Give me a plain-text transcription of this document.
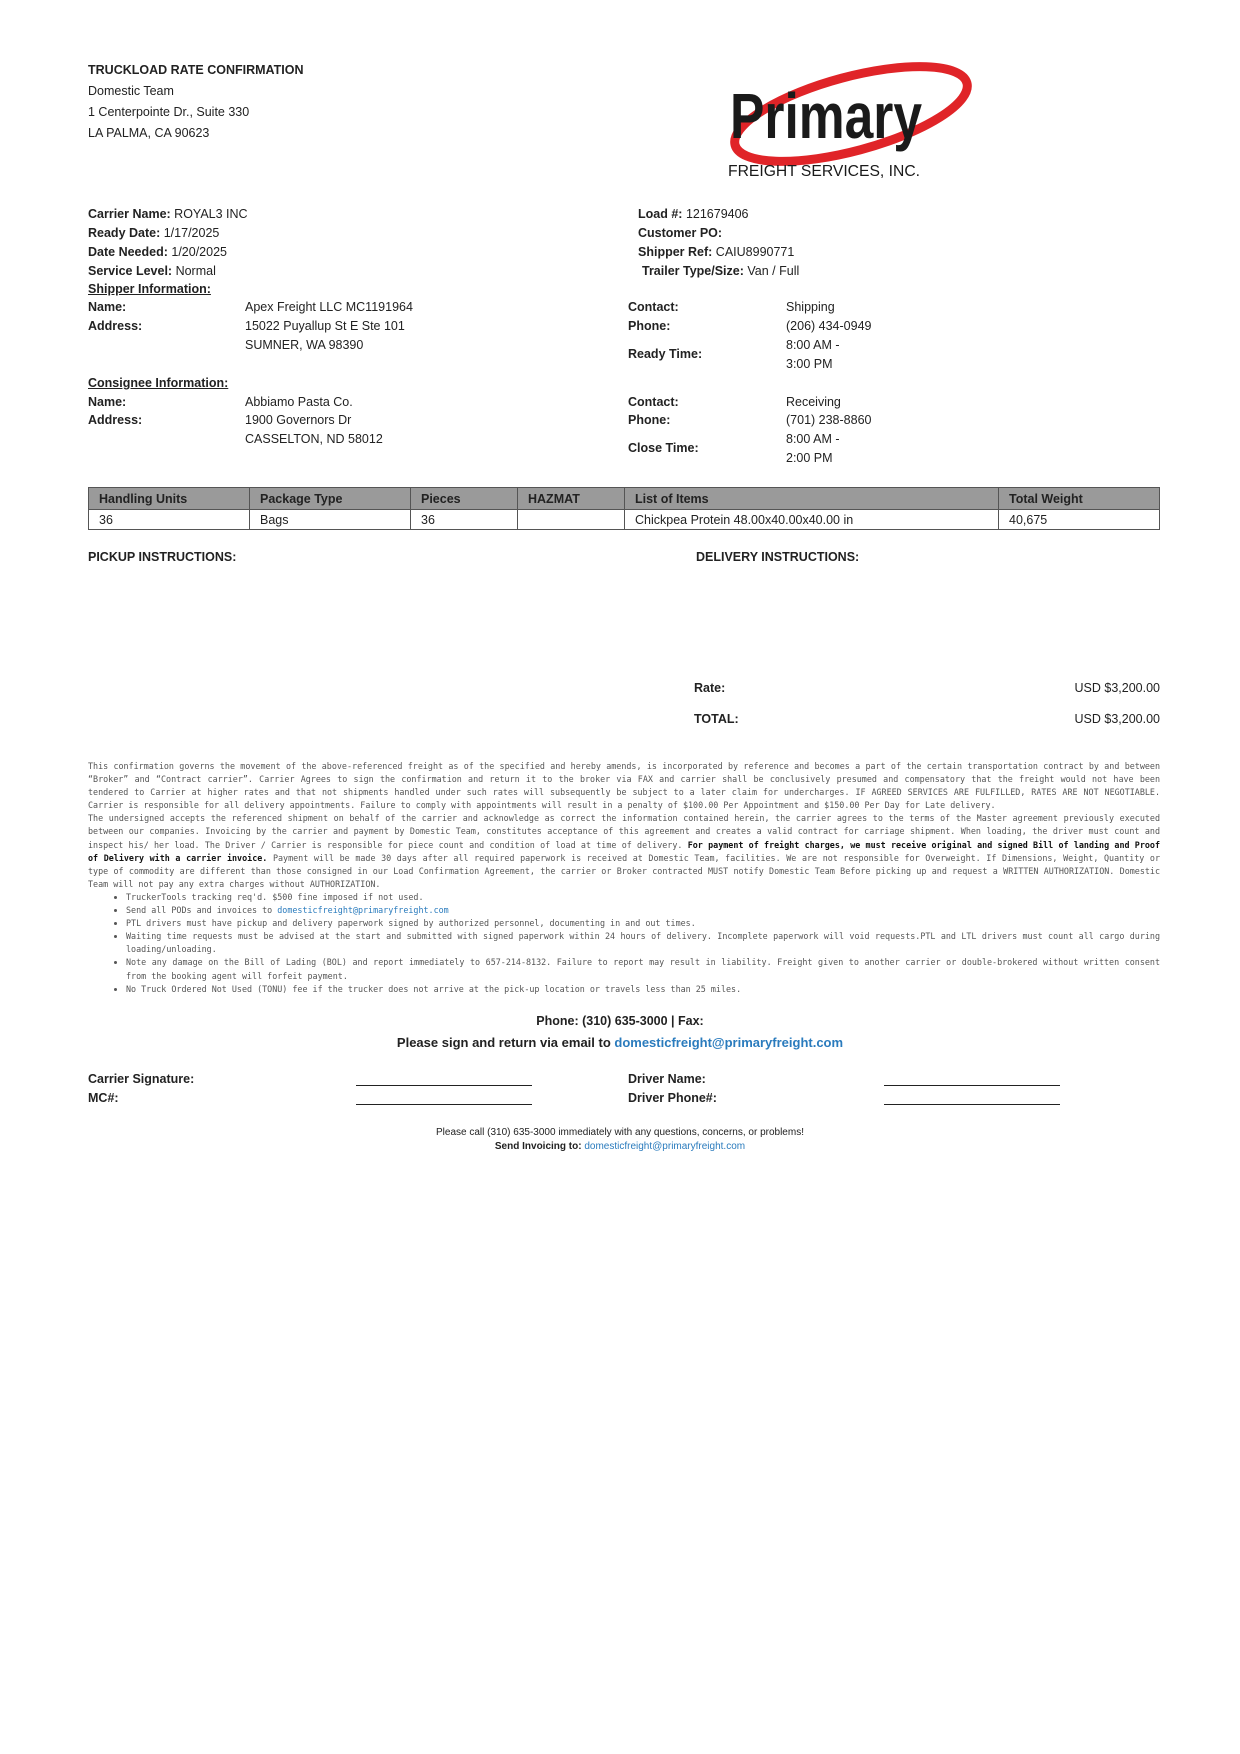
TRUCKLOAD RATE CONFIRMATION
Domestic Team
1 Centerpointe Dr., Suite 330
LA PALMA, CA 90623	Primary
FREIGHT SERVICES, INC.
Carrier Name: ROYAL3 INC
Ready Date: 1/17/2025
Date Needed: 1/20/2025
Service Level: Normal
Load #: 121679406
Customer PO:
Shipper Ref: CAIU8990771
Trailer Type/Size: Van / Full
Shipper Information:
Name:	Apex Freight LLC MC1191964
Address:	15022 Puyallup St E Ste 101
SUMNER, WA 98390
Contact:	Shipping
Phone:	(206) 434-0949
Ready Time:
8:00 AM -
3:00 PM
Consignee Information:
Name:	Abbiamo Pasta Co.
Address:	1900 Governors Dr
CASSELTON, ND 58012
Contact:	Receiving
Phone:	(701) 238-8860
Close Time:
8:00 AM -
2:00 PM
Handling Units	Package Type	Pieces	HAZMAT	List of Items	Total Weight
36	Bags	36		Chickpea Protein 48.00x40.00x40.00 in	40,675
PICKUP INSTRUCTIONS:	DELIVERY INSTRUCTIONS:
Rate:	USD $3,200.00
TOTAL:	USD $3,200.00

This confirmation governs the movement of the above-referenced freight as of the specified and hereby amends, is incorporated by reference and becomes a part of the certain transportation contract by and between “Broker” and “Contract carrier”. Carrier Agrees to sign the confirmation and return it to the broker via FAX and carrier shall be conclusively presumed and compensatory that the freight would not have been tendered to Carrier at higher rates and that not shipments handled under such rates will subsequently be subject to a later claim for undercharges. IF AGREED SERVICES ARE FULFILLED, RATES ARE NOT NEGOTIABLE. Carrier is responsible for all delivery appointments. Failure to comply with appointments will result in a penalty of $100.00 Per Appointment and $150.00 Per Day for Late delivery.

The undersigned accepts the referenced shipment on behalf of the carrier and acknowledge as correct the information contained herein, the carrier agrees to the terms of the Master agreement previously executed between our companies. Invoicing by the carrier and payment by Domestic Team, constitutes acceptance of this agreement and creates a valid contract for carriage shipment. When loading, the driver must count and inspect his/ her load. The Driver / Carrier is responsible for piece count and condition of load at time of delivery. For payment of freight charges, we must receive original and signed Bill of landing and Proof of Delivery with a carrier invoice. Payment will be made 30 days after all required paperwork is received at Domestic Team, facilities. We are not responsible for Overweight. If Dimensions, Weight, Quantity or type of commodity are different than those consigned in our Load Confirmation Agreement, the carrier or Broker contracted MUST notify Domestic Team Before picking up and request a WRITTEN AUTHORIZATION. Domestic Team will not pay any extra charges without AUTHORIZATION.

• TruckerTools tracking req'd. $500 fine imposed if not used.
• Send all PODs and invoices to domesticfreight@primaryfreight.com
• PTL drivers must have pickup and delivery paperwork signed by authorized personnel, documenting in and out times.
• Waiting time requests must be advised at the start and submitted with signed paperwork within 24 hours of delivery. Incomplete paperwork will void requests.PTL and LTL drivers must count all cargo during loading/unloading.
• Note any damage on the Bill of Lading (BOL) and report immediately to 657-214-8132. Failure to report may result in liability. Freight given to another carrier or double-brokered without written consent from the booking agent will forfeit payment.
• No Truck Ordered Not Used (TONU) fee if the trucker does not arrive at the pick-up location or travels less than 25 miles.
Phone: (310) 635-3000 | Fax:
Please sign and return via email to domesticfreight@primaryfreight.com
Carrier Signature:
MC#:
Driver Name:
Driver Phone#:
Please call (310) 635-3000 immediately with any questions, concerns, or problems!
Send Invoicing to: domesticfreight@primaryfreight.com
